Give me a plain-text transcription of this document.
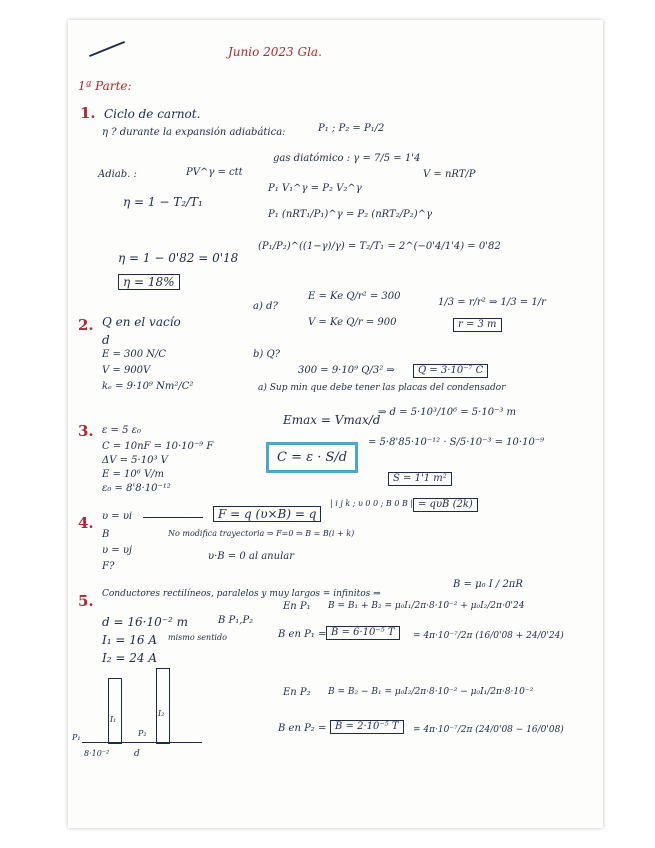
Junio 2023 Gla.
1ª Parte:
1. Ciclo de carnot.
η ? durante la expansión adiabática:	P₁ ; P₂ = P₁/2
gas diatómico : γ = 7/5 = 1'4
Adiab. :	PV^γ = ctt	V = nRT/P
η = 1 − T₂/T₁
P₁ V₁^γ = P₂ V₂^γ
P₁ (nRT₁/P₁)^γ = P₂ (nRT₂/P₂)^γ
(P₁/P₂)^((1−γ)/γ) = T₂/T₁ = 2^(−0'4/1'4) = 0'82
η = 1 − 0'82 = 0'18
η = 18%
2. Q en el vacío
d
E = 300 N/C
V = 900V
kₑ = 9·10⁹ Nm²/C²
a) d?
E = Ke Q/r² = 300
V = Ke Q/r = 900
1/3 = r/r² ⇒ 1/3 = 1/r
r = 3 m
b) Q?
300 = 9·10⁹ Q/3² ⇒	Q = 3·10⁻⁷ C
3. ε = 5 ε₀
C = 10nF = 10·10⁻⁹ F
ΔV = 5·10³ V
E = 10⁶ V/m
ε₀ = 8'8·10⁻¹²
a) Sup min que debe tener las placas del condensador
Emax = Vmax/d
⇒ d = 5·10³/10⁶ = 5·10⁻³ m
C = ε · S/d
= 5·8'85·10⁻¹² · S/5·10⁻³ = 10·10⁻⁹
S = 1'1 m²
4. υ = υi
B
υ = υj
F?
No modifica trayectoria ⇒ F=0 ⇒ B = B(i + k)
F = q (υ×B) = q
| i j k ; υ 0 0 ; B 0 B | = qυB (2k)
υ·B = 0 al anular
5. Conductores rectilíneos, paralelos y muy largos = infinitos ⇒
B = μ₀ I / 2πR
d = 16·10⁻² m
I₁ = 16 A
I₂ = 24 A
mismo sentido
B P₁,P₂
En P₁ B = B₁ + B₂ = μ₀I₁/2π·8·10⁻² + μ₀I₂/2π·0'24
B en P₁ = B = 6·10⁻⁵ T	= 4π·10⁻⁷/2π (16/0'08 + 24/0'24)
En P₂ B = B₂ − B₁ = μ₀I₂/2π·8·10⁻² − μ₀I₁/2π·8·10⁻²
B en P₂ = B = 2·10⁻⁵ T	= 4π·10⁻⁷/2π (24/0'08 − 16/0'08)
I₁
I₂
P₁	P₂
8·10⁻²	d
